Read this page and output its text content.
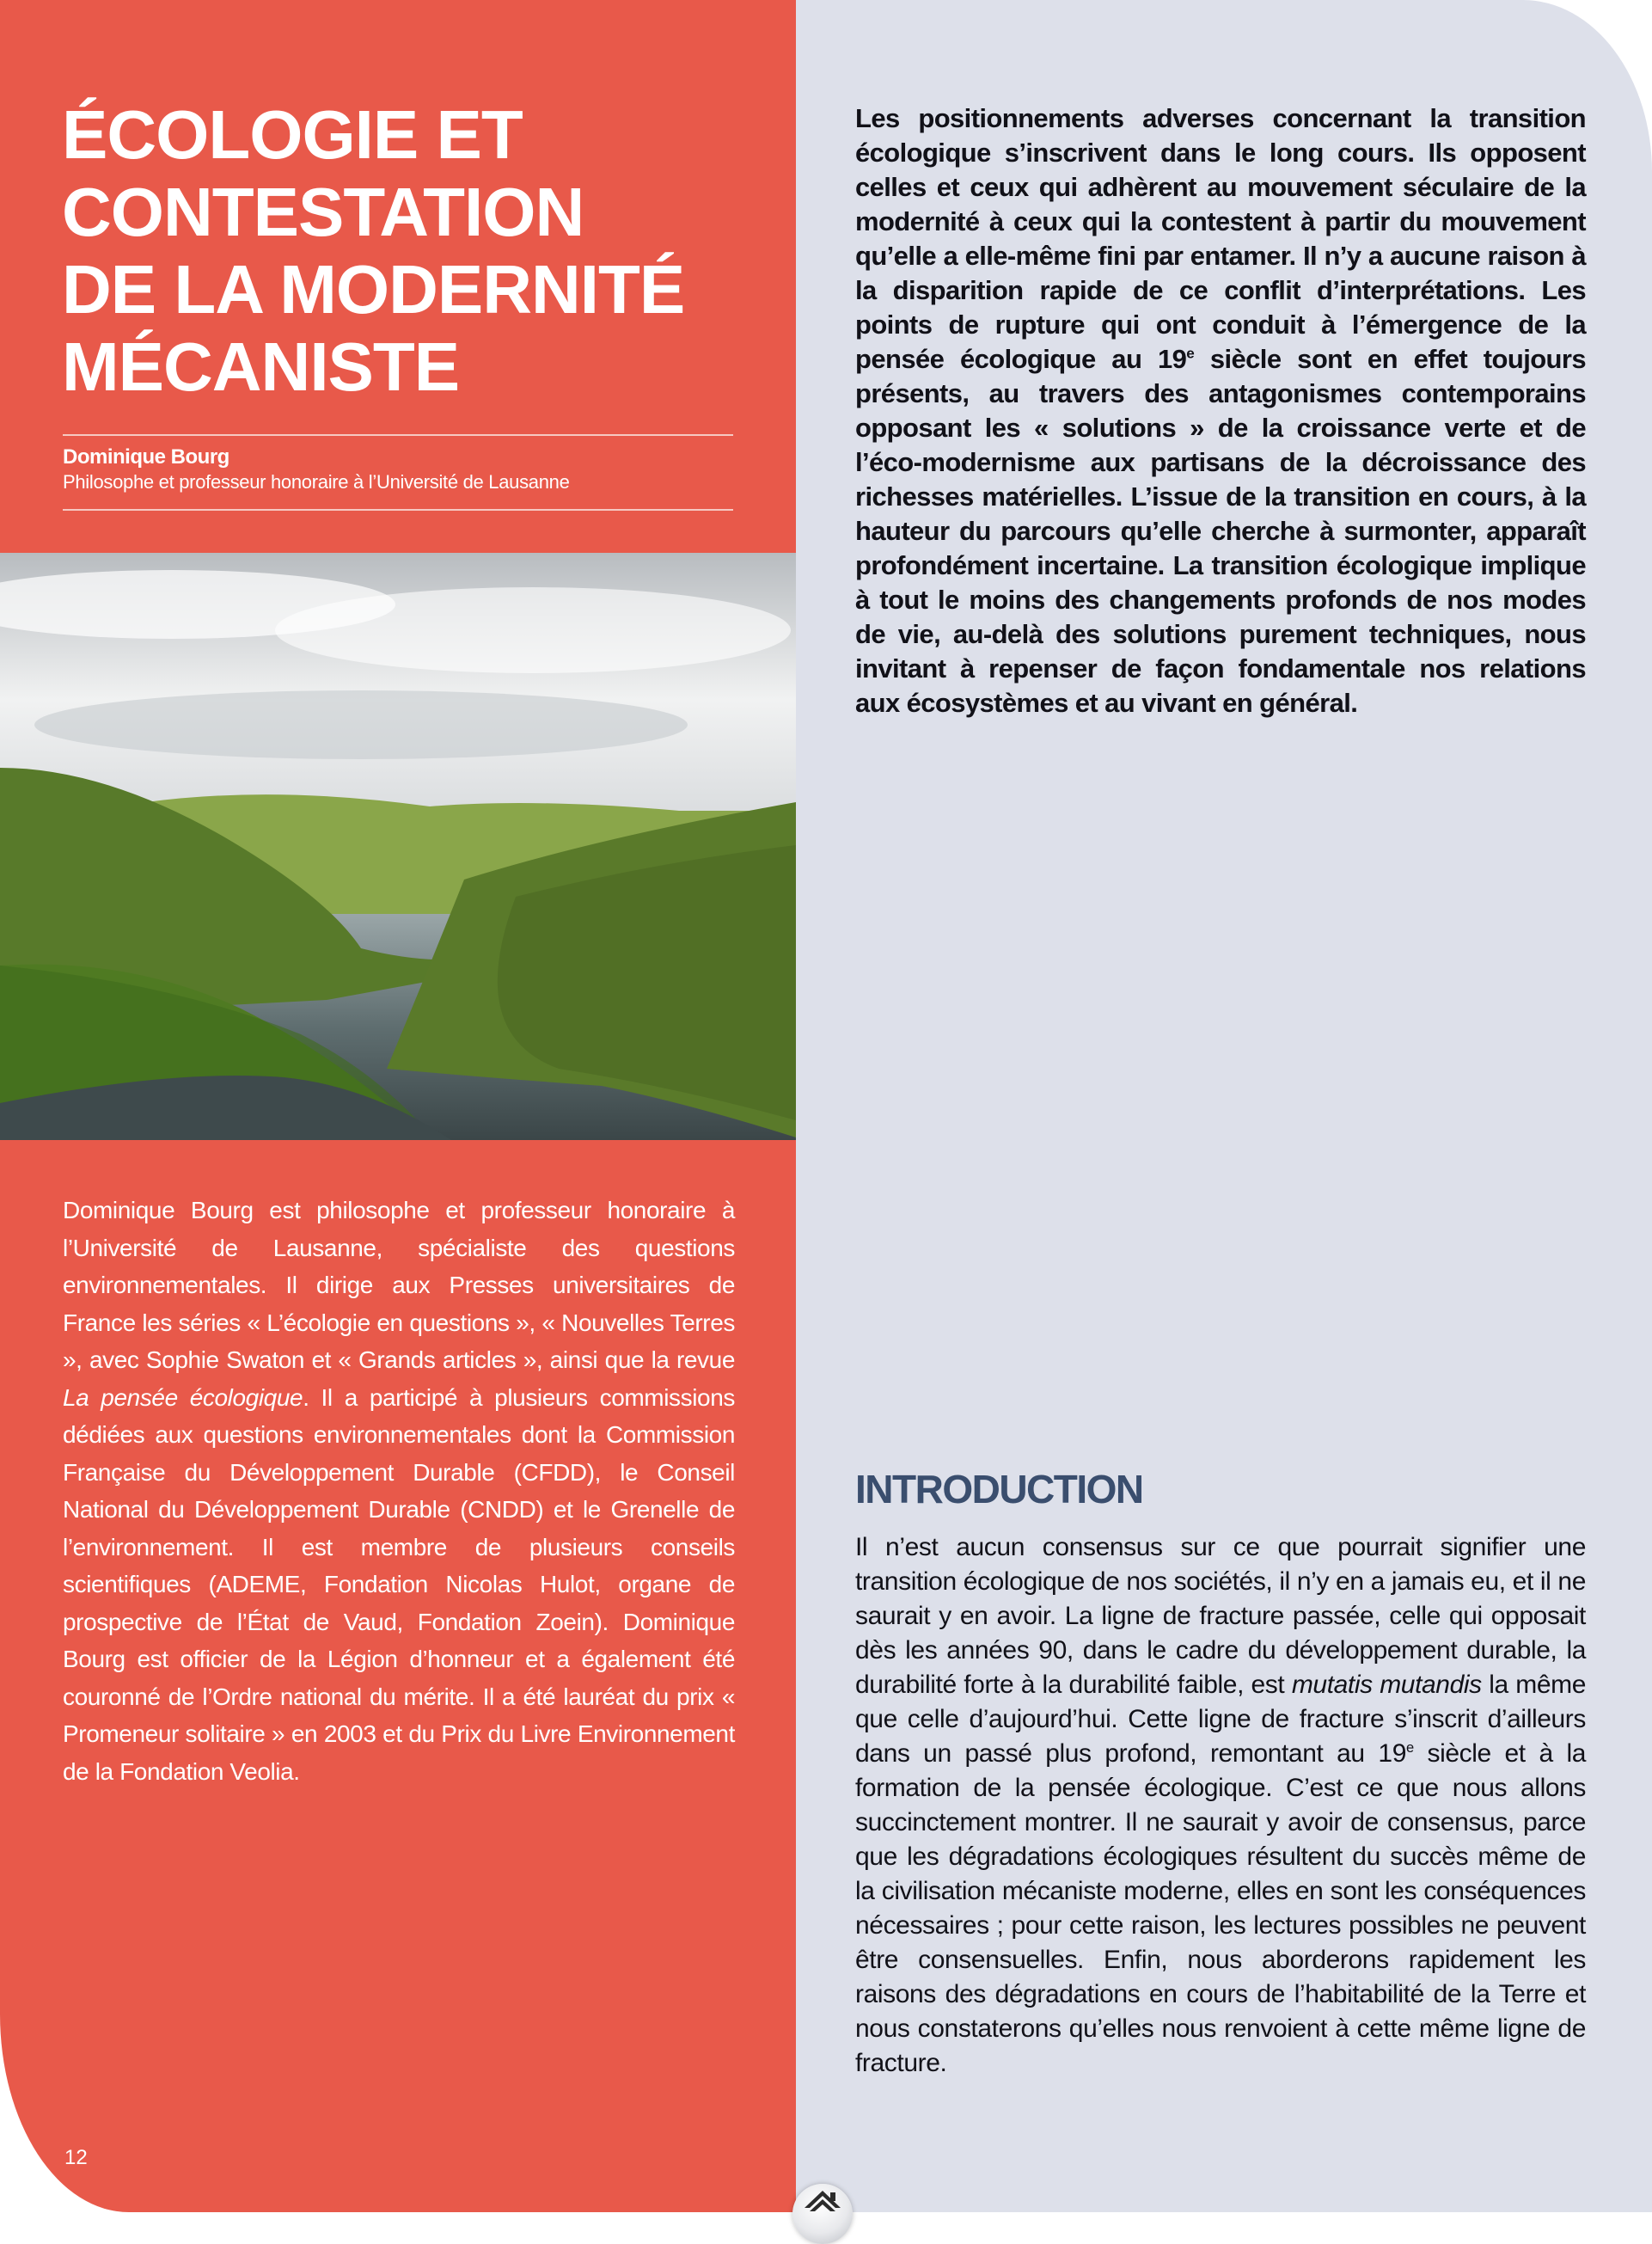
ÉCOLOGIE ET
CONTESTATION
DE LA MODERNITÉ
MÉCANISTE
Dominique Bourg
Philosophe et professeur honoraire à l’Université de Lausanne

Dominique Bourg est philosophe et professeur honoraire à l’Université de Lausanne, spécialiste des questions environnementales. Il dirige aux Presses universitaires de France les séries « L’écologie en questions », « Nouvelles Terres », avec Sophie Swaton et « Grands articles », ainsi que la revue La pensée écologique. Il a participé à plusieurs commissions dédiées aux questions environnementales dont la Commission Française du Développement Durable (CFDD), le Conseil National du Développement Durable (CNDD) et le Grenelle de l’environnement. Il est membre de plusieurs conseils scientifiques (ADEME, Fondation Nicolas Hulot, organe de prospective de l’État de Vaud, Fondation Zoein). Dominique Bourg est officier de la Légion d’honneur et a également été couronné de l’Ordre national du mérite. Il a été lauréat du prix « Promeneur solitaire » en 2003 et du Prix du Livre Environnement de la Fondation Veolia.

12

Les positionnements adverses concernant la transition écologique s’inscrivent dans le long cours. Ils opposent celles et ceux qui adhèrent au mouvement séculaire de la modernité à ceux qui la contestent à partir du mouvement qu’elle a elle-même fini par entamer. Il n’y a aucune raison à la disparition rapide de ce conflit d’interprétations. Les points de rupture qui ont conduit à l’émergence de la pensée écologique au 19e siècle sont en effet toujours présents, au travers des antagonismes contemporains opposant les « solutions » de la croissance verte et de l’éco-modernisme aux partisans de la décroissance des richesses matérielles. L’issue de la transition en cours, à la hauteur du parcours qu’elle cherche à surmonter, apparaît profondément incertaine. La transition écologique implique à tout le moins des changements profonds de nos modes de vie, au-delà des solutions purement techniques, nous invitant à repenser de façon fondamentale nos relations aux écosystèmes et au vivant en général.

INTRODUCTION

Il n’est aucun consensus sur ce que pourrait signifier une transition écologique de nos sociétés, il n’y en a jamais eu, et il ne saurait y en avoir. La ligne de fracture passée, celle qui opposait dès les années 90, dans le cadre du développement durable, la durabilité forte à la durabilité faible, est mutatis mutandis la même que celle d’aujourd’hui. Cette ligne de fracture s’inscrit d’ailleurs dans un passé plus profond, remontant au 19e siècle et à la formation de la pensée écologique. C’est ce que nous allons succinctement montrer. Il ne saurait y avoir de consensus, parce que les dégradations écologiques résultent du succès même de la civilisation mécaniste moderne, elles en sont les conséquences nécessaires ; pour cette raison, les lectures possibles ne peuvent être consensuelles. Enfin, nous aborderons rapidement les raisons des dégradations en cours de l’habitabilité de la Terre et nous constaterons qu’elles nous renvoient à cette même ligne de fracture.
